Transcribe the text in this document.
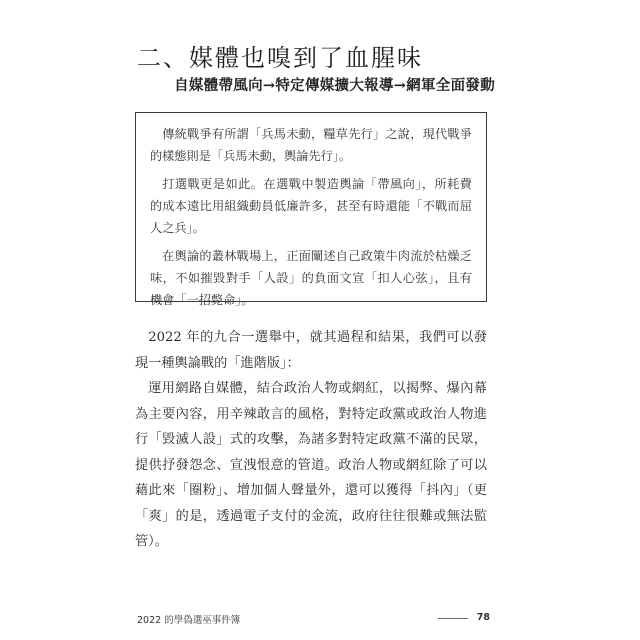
二、媒體也嗅到了血腥味
自媒體帶風向→特定傳媒擴大報導→網軍全面發動

傳統戰爭有所謂「兵馬未動，糧草先行」之說，現代戰爭的樣態則是「兵馬未動，輿論先行」。

打選戰更是如此。在選戰中製造輿論「帶風向」，所耗費的成本遠比用組織動員低廉許多，甚至有時還能「不戰而屈人之兵」。

在輿論的叢林戰場上，正面闡述自己政策牛肉流於枯燥乏味，不如摧毀對手「人設」的負面文宣「扣人心弦」，且有機會「一招斃命」。

2022 年的九合一選舉中，就其過程和結果，我們可以發現一種輿論戰的「進階版」：

運用網路自媒體，結合政治人物或網紅，以揭弊、爆內幕為主要內容，用辛辣敢言的風格，對特定政黨或政治人物進行「毀滅人設」式的攻擊，為諸多對特定政黨不滿的民眾，提供抒發怨念、宣洩恨意的管道。政治人物或網紅除了可以藉此來「圈粉」、增加個人聲量外，還可以獲得「抖內」（更「爽」的是，透過電子支付的金流，政府往往很難或無法監管）。

2022 的學偽選巫事件簿	78
